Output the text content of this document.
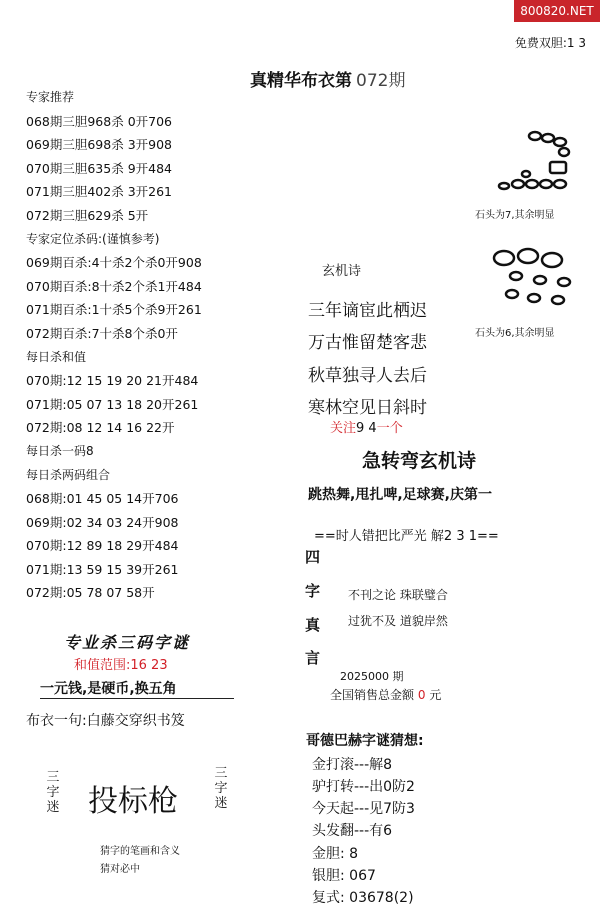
800820.NET
免费双胆:1 3
真精华布衣第 072期
专家推荐
068期三胆968杀 0开706
069期三胆698杀 3开908
070期三胆635杀 9开484
071期三胆402杀 3开261
072期三胆629杀 5开
专家定位杀码:(谨慎参考)
069期百杀:4十杀2个杀0开908
070期百杀:8十杀2个杀1开484
071期百杀:1十杀5个杀9开261
072期百杀:7十杀8个杀0开
每日杀和值
070期:12 15 19 20 21开484
071期:05 07 13 18 20开261
072期:08 12 14 16 22开
每日杀一码8
每日杀两码组合
068期:01 45 05 14开706
069期:02 34 03 24开908
070期:12 89 18 29开484
071期:13 59 15 39开261
072期:05 78 07 58开
专业杀三码字谜
和值范围:16 23
一元钱,是硬币,换五角
布衣一句:白藤交穿织书笈
三字迷 投标枪
三字迷
猜字的笔画和含义
猜对必中
石头为7,其余明显
石头为6,其余明显
玄机诗
三年谪宦此栖迟
万古惟留楚客悲
秋草独寻人去后
寒林空见日斜时
关注9 4一个
急转弯玄机诗
跳热舞,甩扎啤,足球赛,庆第一
==时人错把比严光 解2 3 1==
四
字
真
言
不刊之论 珠联璧合
过犹不及 道貌岸然
2025000 期
全国销售总金额 0 元
哥德巴赫字谜猜想:
金打滚---解8
驴打转---出0防2
今天起---见7防3
头发翻---有6
金胆: 8
银胆: 067
复式: 03678(2)
